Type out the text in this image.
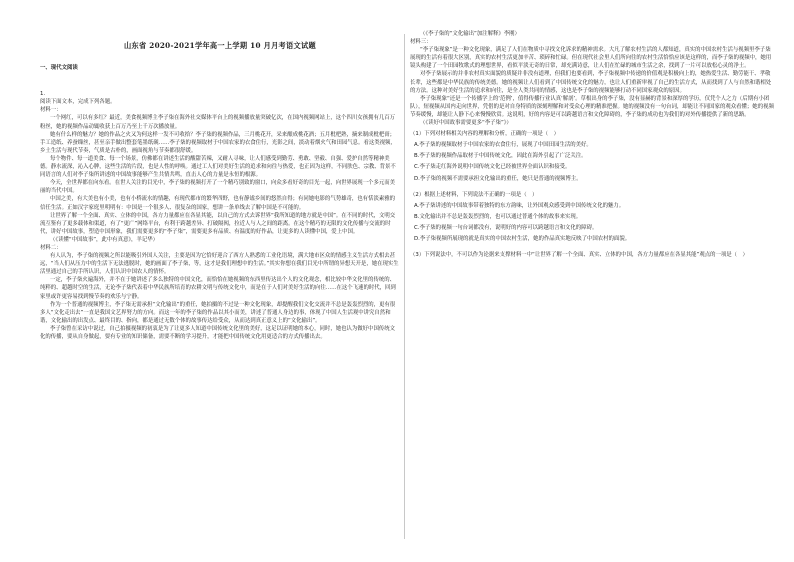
山东省 2020-2021学年高一上学期 10 月月考语文试题

一、现代文阅读

1.

阅读下面文本，完成下列各题。

材料一：

一个网红，可以有多红？最近，美食视频博主李子柒在海外社交媒体平台上的视频播放量突破亿次，在国内视频网站上，这个四川女孩拥有几百万粉丝，她的视频作品动辄收获上百万乃至上千万次播放量。

她有什么样的魅力？她的作品之火又为何这样一发不可收拾？李子柒的视频作品，三月桃花开，采来酿成桃花酒；五月枇杷熟，摘来制成枇杷膏；手工造纸、养蚕缫丝，甚至亲手做出整套笔墨纸砚……李子柒的视频取材于中国农家的衣食住行，光影之间，淡动着烟火气和田园气息。看这类视频，乡土生活与现代节奏，气质是古朴的，画面视角与节奏都很舒缓。

每个物件、每一道美食、每一个场景，仿佛都在讲述生活的酸甜苦辣，又耐人寻味，让人们感受到勤劳、勇敢、坚毅、自强、爱护自然等精神美德。静水流深，沁入心脾，这些生活的片段，也是人性的呼唤。通过工人们对美好生活的追求和向往与热爱，也正因为这样，不同肤色、宗教、背景不同语言的人们对李子柒所讲述的中国故事能够产生共情共鸣，直击人心的力量是永恒的根源。

今天，全世界都在向东看。在世人关注的目光中，李子柒的视频打开了一个精巧别致的窗口，向众多看好奇的目光一起，向世界展现一个多元而美丽的当代中国。

中国之美，有大美也有小美，也有小桥流水的情趣，有现代都市的繁华四野，也有静谧乡间的悠然自得；有同她电影的气势雄奇，也有恬淡素雅的信任生活。正如汉字家庭里明明有：中国是一个很多人、很复杂的国家，想讲一条单线去了解中国是不可能的。

让世界了解一个全面、真实、立体的中国，各方力量都应在各显其能，以自己的方式去诉世界“我所知道的地方就是中国”。在不同的时代，文明交流互鉴有了更多载体和渠道，有了“更广”网络平台，有利于跨越差异、打破隔阂，拉近人与人之间的距离。在这个精巧的无限的文化传播与交流的时代，讲好中国故事，塑造中国形象，我们需要更多的“李子柒”，需要更多有品质、有温度的好作品，让更多的人读懂中国，爱上中国。

（《读懂“中国故事”，此中有真意》，羊记华）

材料二：

有人认为，李子柒的视频之所以能吸引外国人关注，主要是因为它恰好迎合了西方人熟悉的工业化语境，满大地市区众的情感主义生活方式相去甚远，“当人们从压力中的生活下无法逃脱时，她的画面了李子柒，等，这才是我们理想中的生活。”其实你想在我们目光中所谓的异想天开是，她在现实生活里通过自己的手所认识，人们认识中国农人的情怀。

一定，李子柒火遍海外，并不在于她讲述了多么独特的中国文化，而恰恰在她视频的东西里传达出个人的文化观念，相比较中华文化里的传统的、纯粹的、超越时空的生活，无论李子柒代表着中华民族所培育的农耕文明与传统文化中，而是在于人们对美好生活的向往……在这个飞速的时代，回到家里或许更容易找到慢节奏的欢乐与宁静。

作为一个普通的视频博主，李子柒无需承担“文化输出”的重任，她拍摄的不过是一种文化现象，却提醒我们文化交流并不总是轰轰烈烈的，更有很多人“文化走出去”一直是我国文艺界努力的方向。而这一年的李子柒的作品以其小而美，讲述了普通人身边的事，体现了中国人生活观中讲究自然和谐，文化输出的出发点、最终目的、指向，都是通过无数个体的故事传达给受众，从而达到真正意义上的“文化输出”。

李子柒曾在采访中说过，自己拍摄视频的初衷是为了让更多人知道中国传统文化里的美好，这足以证明她的本心，同时，她也认为做好中国传统文化的传播，要从自身做起，要有专业的知识储备，需要不断的学习提升，才能把中国传统文化用更适合的方式传播出去。

（《李子柒的“文化输出”加注解释》李刚）

材料三：

“李子柒现象”是一种文化现象，满足了人们在物质中寻找文化诉求的精神需求。大凡了解农村生活的人都知道，真实的中国农村生活与视频里李子柒展现的生活有着很大区别，真实的农村生活更加辛苦、琐碎和忙碌。但在现代社会里人们所向往的农村生活恰恰应该是这样的，而李子柒的视频中，她用镜头构建了一个田园牧歌式的理想世界，看似平淡无奇的日常，却充满诗意，让人们在忙碌的城市生活之余，找到了一片可以放松心灵的净土。

对李子柒展示的并非农村真实面貌的质疑并非没有道理，但我们也要看到，李子柒视频中传递的价值观是积极向上的，她热爱生活、勤劳能干、孝敬长辈，这些都是中华民族的传统美德。她的视频让人们看到了中国传统文化的魅力，也让人们重新审视了自己的生活方式，从而找到了人与自然和谐相处的方法。这种对美好生活的追求和向往，是全人类共同的情感，这也是李子柒的视频能够打动不同国家观众的原因。

李子柒现象“还是一个传播学上的‘范例’，值得传播行业认真‘解剖’。草根出身的李子柒，没有显赫的背景和深厚的学历，仅凭个人之力（后期有小团队），短视频从国内走向世界，凭借的是对自身特质的深刻理解和对受众心理的精准把握。她的视频没有一句台词，却能让不同国家的观众看懂；她的视频节奏缓慢，却能让人静下心来慢慢欣赏。这说明，好的内容是可以跨越语言和文化障碍的，李子柒的成功也为我们的对外传播提供了新的思路。

（《读好中国故事需要更多“李子柒”》）

（1）下列对材料相关内容的理解和分析，正确的一项是（　）

A.李子柒的视频取材于中国农家的衣食住行，展现了中国田园生活的美好。

B.李子柒的视频作品取材于中国传统文化，因此在海外引起了广泛关注。

C.李子柒走红海外说明中国传统文化已经被世界全面认识和接受。

D.李子柒的视频不需要承担文化输出的重任，她只是普通的视频博主。

（2）根据上述材料，下列说法不正确的一项是（　）

A.李子柒讲述的中国故事带着独特的东方韵味，让外国观众感受到中国传统文化的魅力。

B.文化输出并不总是轰轰烈烈的，也可以通过普通个体的故事来实现。

C.李子柒的视频一句台词都没有，说明好的内容可以跨越语言和文化的障碍。

D.李子柒视频所展现的就是真实的中国农村生活，她的作品真实地反映了中国农村的面貌。

（3）下列说法中，不可以作为论据来支撑材料一中“让世界了解一个全面、真实、立体的中国，各方力量都应在各显其能”观点的一项是（　）
